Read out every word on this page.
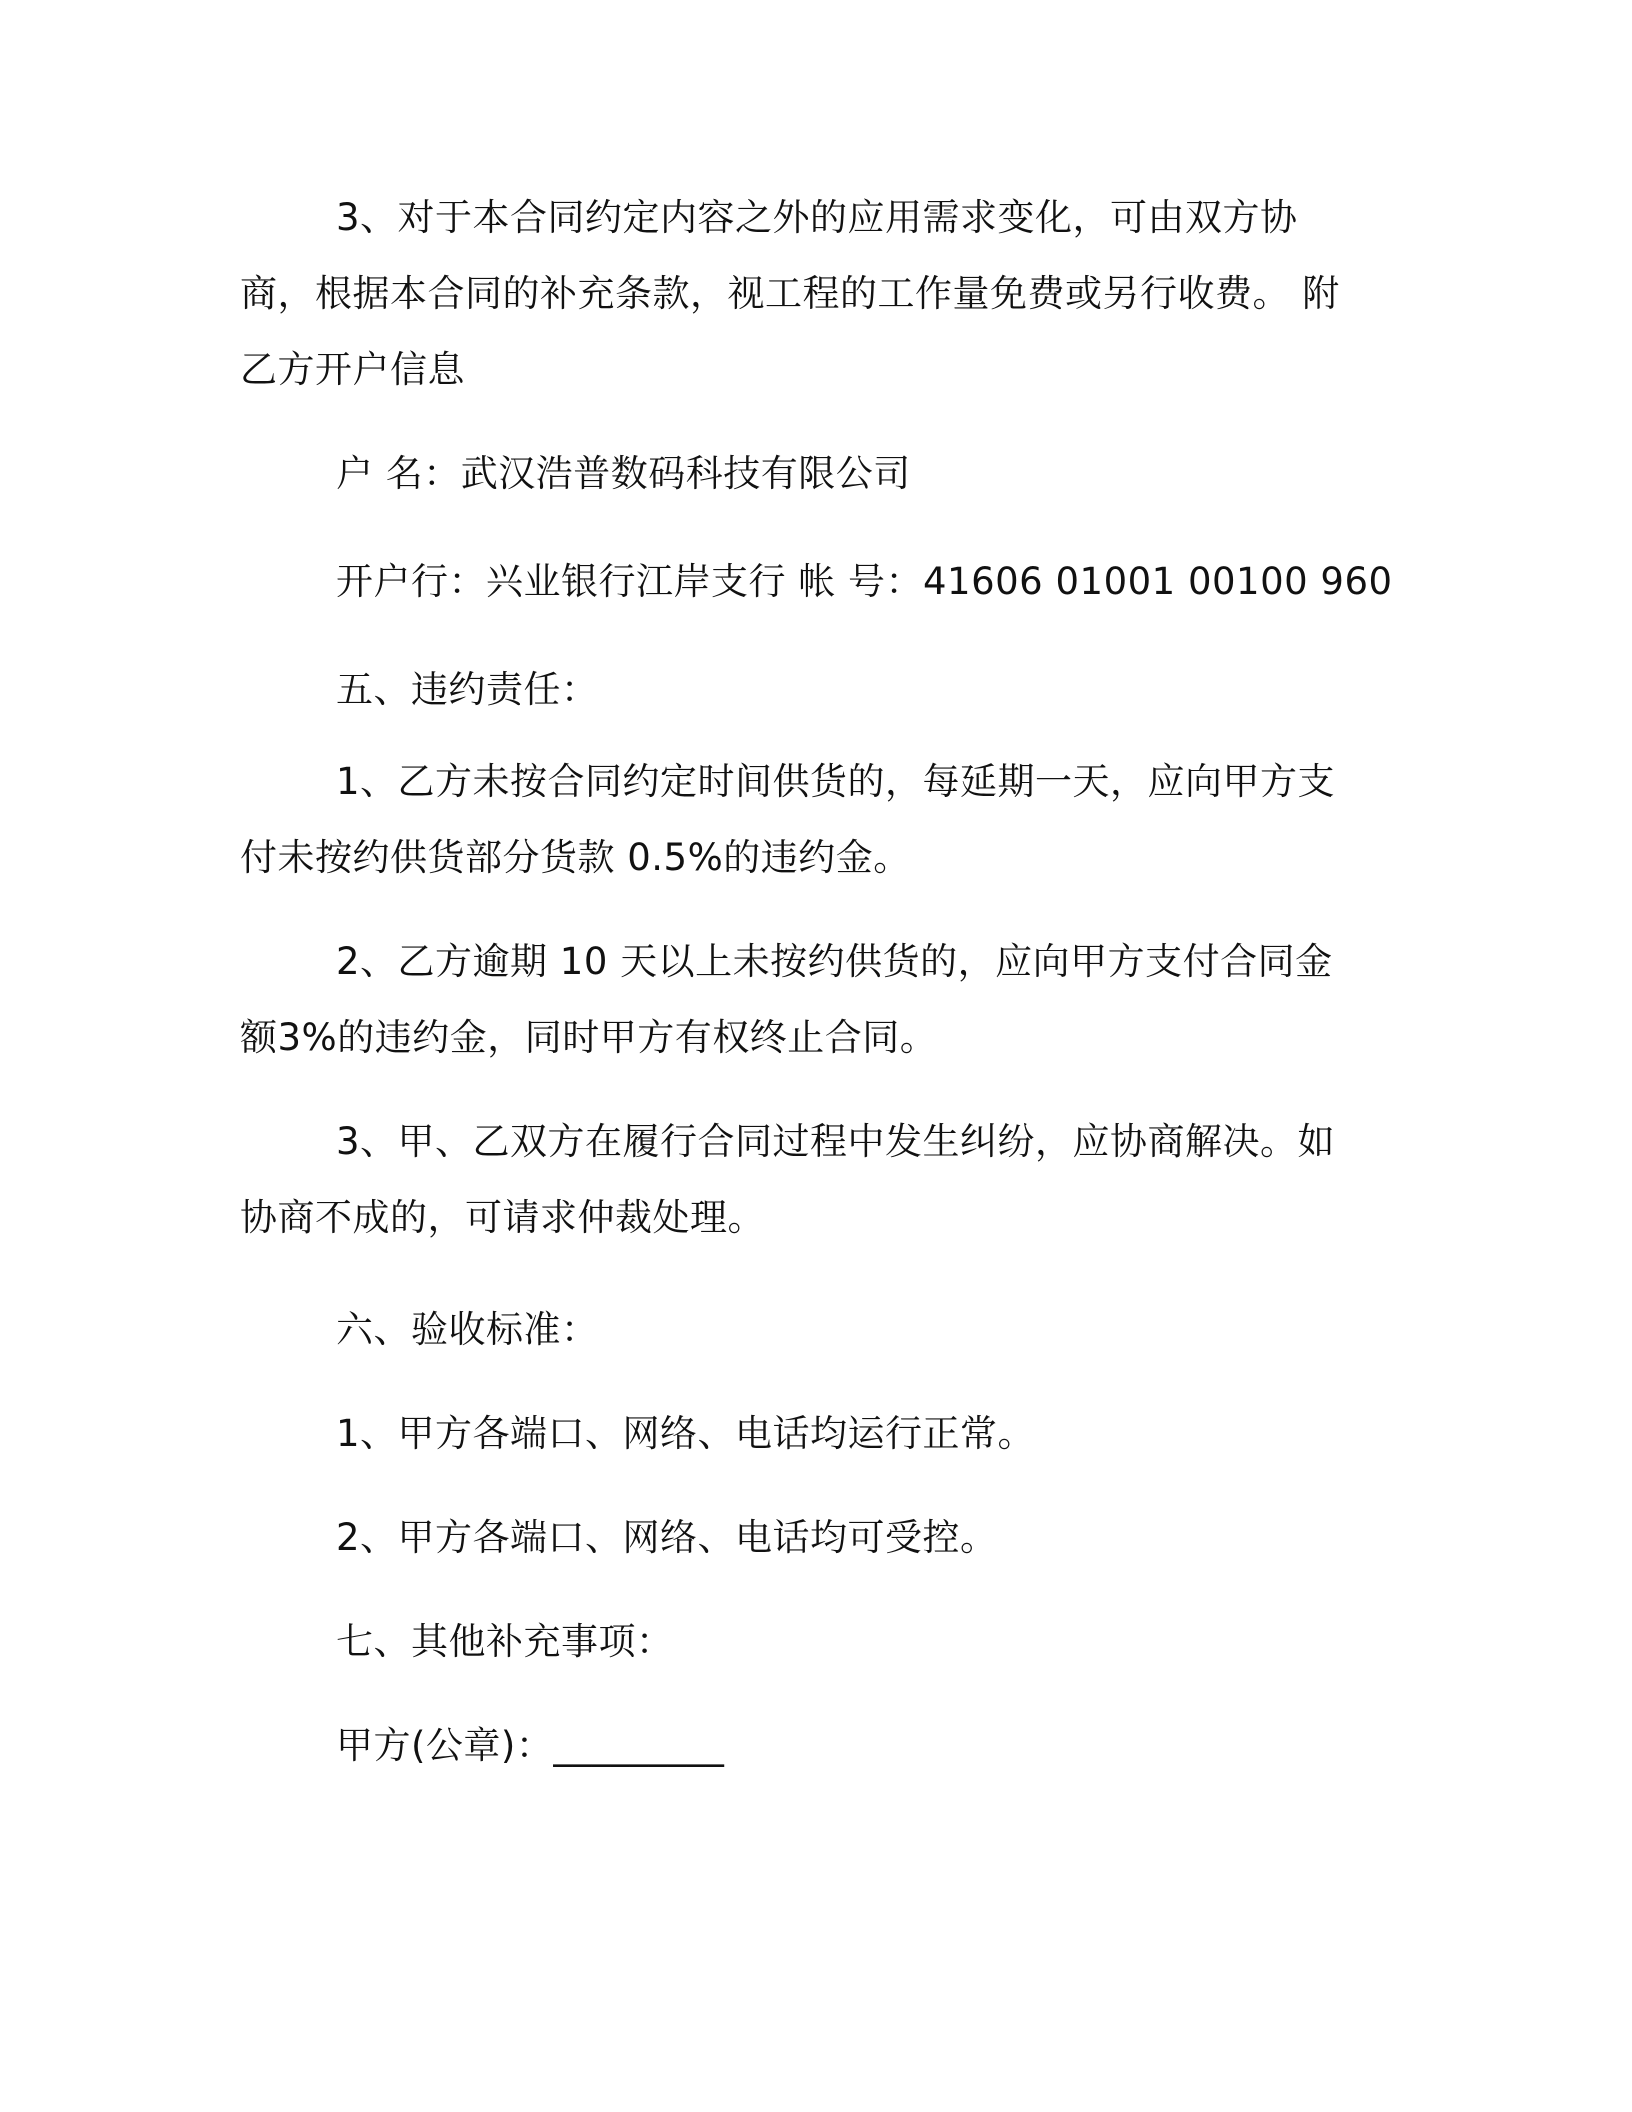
3、对于本合同约定内容之外的应用需求变化，可由双方协商，根据本合同的补充条款，视工程的工作量免费或另行收费。 附乙方开户信息

户 名：武汉浩普数码科技有限公司

开户行：兴业银行江岸支行 帐 号：41606 01001 00100 960

五、违约责任：

1、乙方未按合同约定时间供货的，每延期一天，应向甲方支付未按约供货部分货款 0.5%的违约金。

2、乙方逾期 10 天以上未按约供货的，应向甲方支付合同金额3%的违约金，同时甲方有权终止合同。

3、甲、乙双方在履行合同过程中发生纠纷，应协商解决。如协商不成的，可请求仲裁处理。

六、验收标准：

1、甲方各端口、网络、电话均运行正常。

2、甲方各端口、网络、电话均可受控。

七、其他补充事项：

甲方(公章)：_________
